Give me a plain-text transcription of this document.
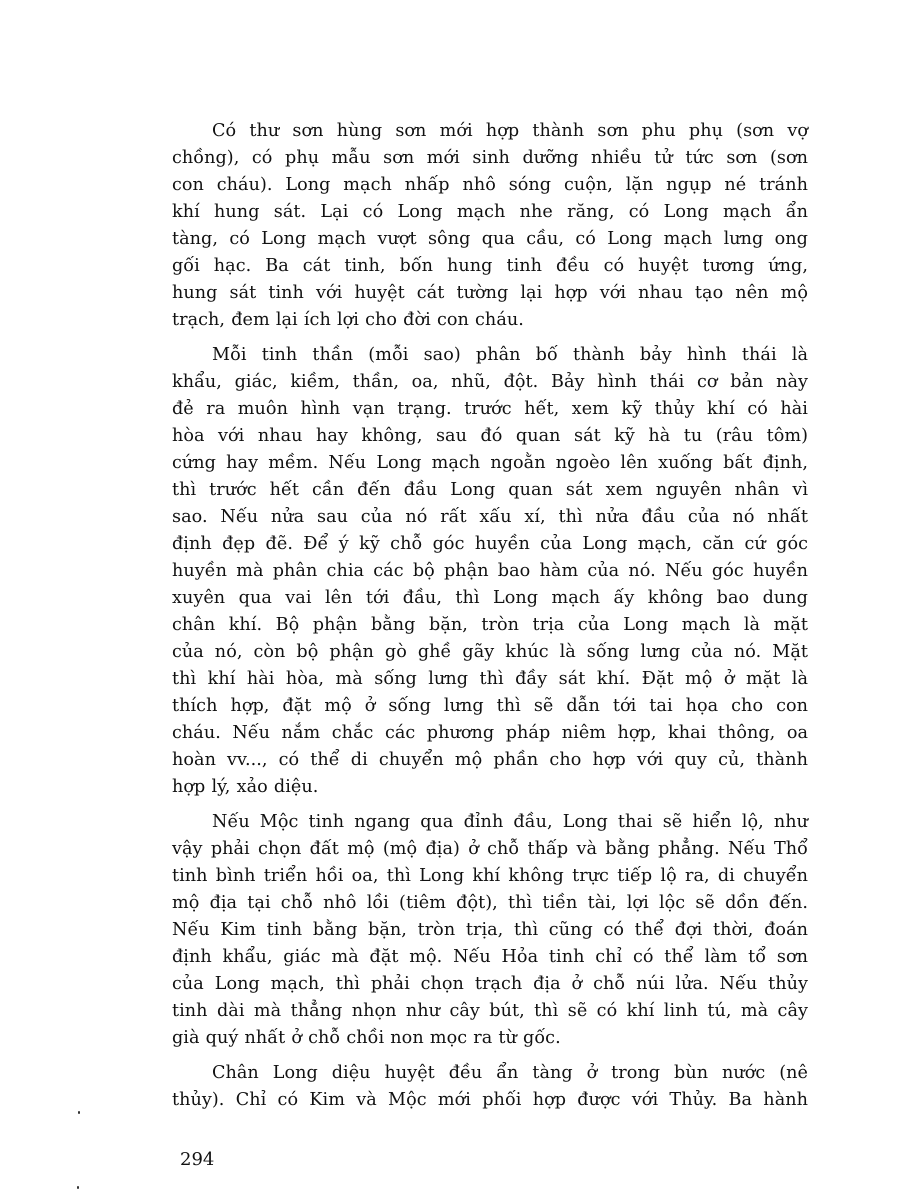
Có thư sơn hùng sơn mới hợp thành sơn phu phụ (sơn vợ
chồng), có phụ mẫu sơn mới sinh dưỡng nhiều tử tức sơn (sơn
con cháu). Long mạch nhấp nhô sóng cuộn, lặn ngụp né tránh
khí hung sát. Lại có Long mạch nhe răng, có Long mạch ẩn
tàng, có Long mạch vượt sông qua cầu, có Long mạch lưng ong
gối hạc. Ba cát tinh, bốn hung tinh đều có huyệt tương ứng,
hung sát tinh với huyệt cát tường lại hợp với nhau tạo nên mộ
trạch, đem lại ích lợi cho đời con cháu.
Mỗi tinh thần (mỗi sao) phân bố thành bảy hình thái là
khẩu, giác, kiềm, thần, oa, nhũ, đột. Bảy hình thái cơ bản này
đẻ ra muôn hình vạn trạng. trước hết, xem kỹ thủy khí có hài
hòa với nhau hay không, sau đó quan sát kỹ hà tu (râu tôm)
cứng hay mềm. Nếu Long mạch ngoằn ngoèo lên xuống bất định,
thì trước hết cần đến đầu Long quan sát xem nguyên nhân vì
sao. Nếu nửa sau của nó rất xấu xí, thì nửa đầu của nó nhất
định đẹp đẽ. Để ý kỹ chỗ góc huyền của Long mạch, căn cứ góc
huyền mà phân chia các bộ phận bao hàm của nó. Nếu góc huyền
xuyên qua vai lên tới đầu, thì Long mạch ấy không bao dung
chân khí. Bộ phận bằng bặn, tròn trịa của Long mạch là mặt
của nó, còn bộ phận gò ghề gãy khúc là sống lưng của nó. Mặt
thì khí hài hòa, mà sống lưng thì đầy sát khí. Đặt mộ ở mặt là
thích hợp, đặt mộ ở sống lưng thì sẽ dẫn tới tai họa cho con
cháu. Nếu nắm chắc các phương pháp niêm hợp, khai thông, oa
hoàn vv..., có thể di chuyển mộ phần cho hợp với quy củ, thành
hợp lý, xảo diệu.
Nếu Mộc tinh ngang qua đỉnh đầu, Long thai sẽ hiển lộ, như
vậy phải chọn đất mộ (mộ địa) ở chỗ thấp và bằng phẳng. Nếu Thổ
tinh bình triển hồi oa, thì Long khí không trực tiếp lộ ra, di chuyển
mộ địa tại chỗ nhô lồi (tiêm đột), thì tiền tài, lợi lộc sẽ dồn đến.
Nếu Kim tinh bằng bặn, tròn trịa, thì cũng có thể đợi thời, đoán
định khẩu, giác mà đặt mộ. Nếu Hỏa tinh chỉ có thể làm tổ sơn
của Long mạch, thì phải chọn trạch địa ở chỗ núi lửa. Nếu thủy
tinh dài mà thẳng nhọn như cây bút, thì sẽ có khí linh tú, mà cây
già quý nhất ở chỗ chồi non mọc ra từ gốc.
Chân Long diệu huyệt đều ẩn tàng ở trong bùn nước (nê
thủy). Chỉ có Kim và Mộc mới phối hợp được với Thủy. Ba hành
294
